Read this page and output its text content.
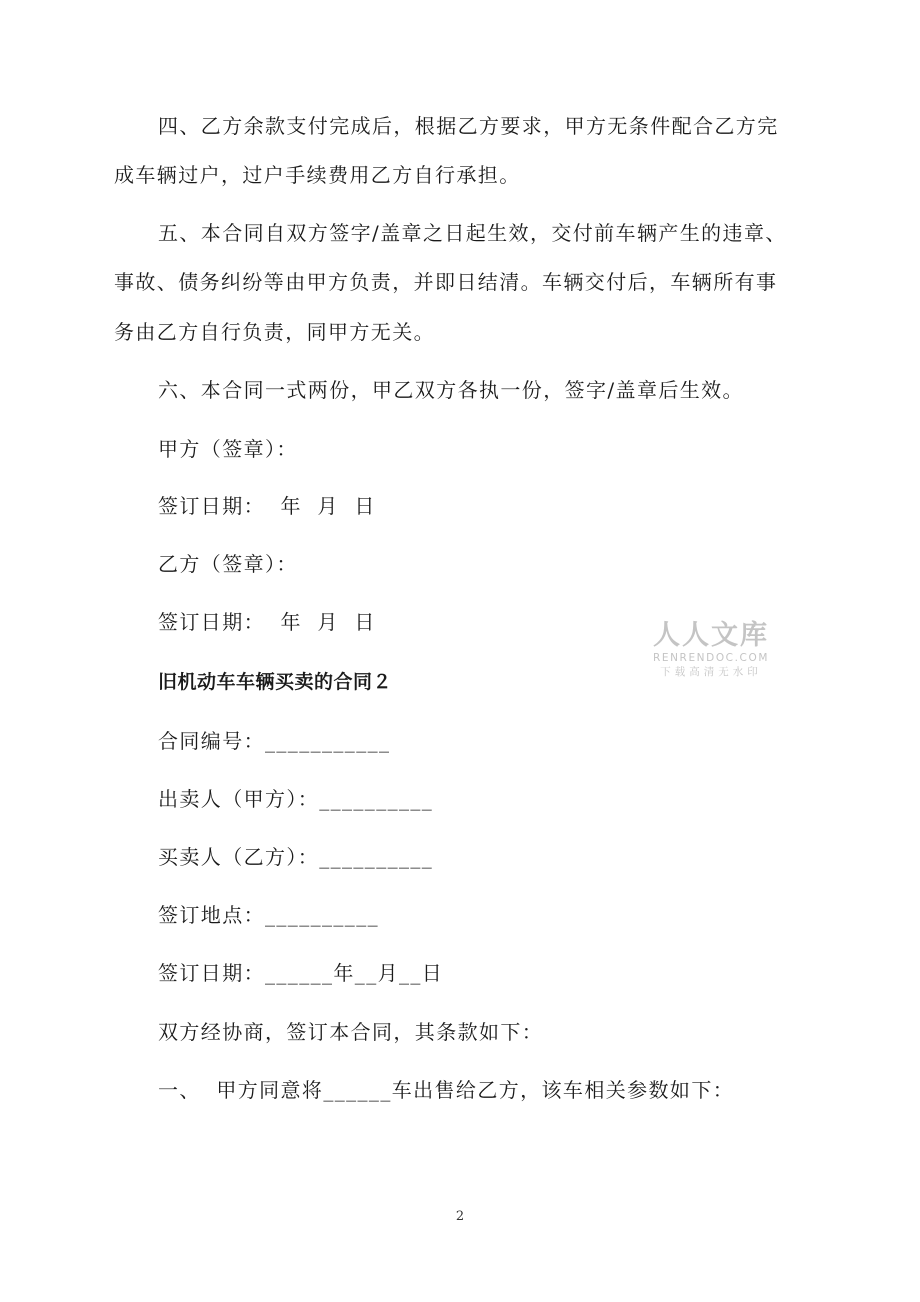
四、乙方余款支付完成后，根据乙方要求，甲方无条件配合乙方完
成车辆过户，过户手续费用乙方自行承担。
五、本合同自双方签字/盖章之日起生效，交付前车辆产生的违章、
事故、债务纠纷等由甲方负责，并即日结清。车辆交付后，车辆所有事
务由乙方自行负责，同甲方无关。
六、本合同一式两份，甲乙双方各执一份，签字/盖章后生效。
甲方（签章）：
签订日期：  年  月  日
乙方（签章）：
签订日期：  年  月  日
旧机动车车辆买卖的合同２
合同编号：___________
出卖人（甲方）：__________
买卖人（乙方）：__________
签订地点：__________
签订日期：______年__月__日
双方经协商，签订本合同，其条款如下：
一、  甲方同意将______车出售给乙方，该车相关参数如下：
人人文库
RENRENDOC.COM
下载高清无水印
2
